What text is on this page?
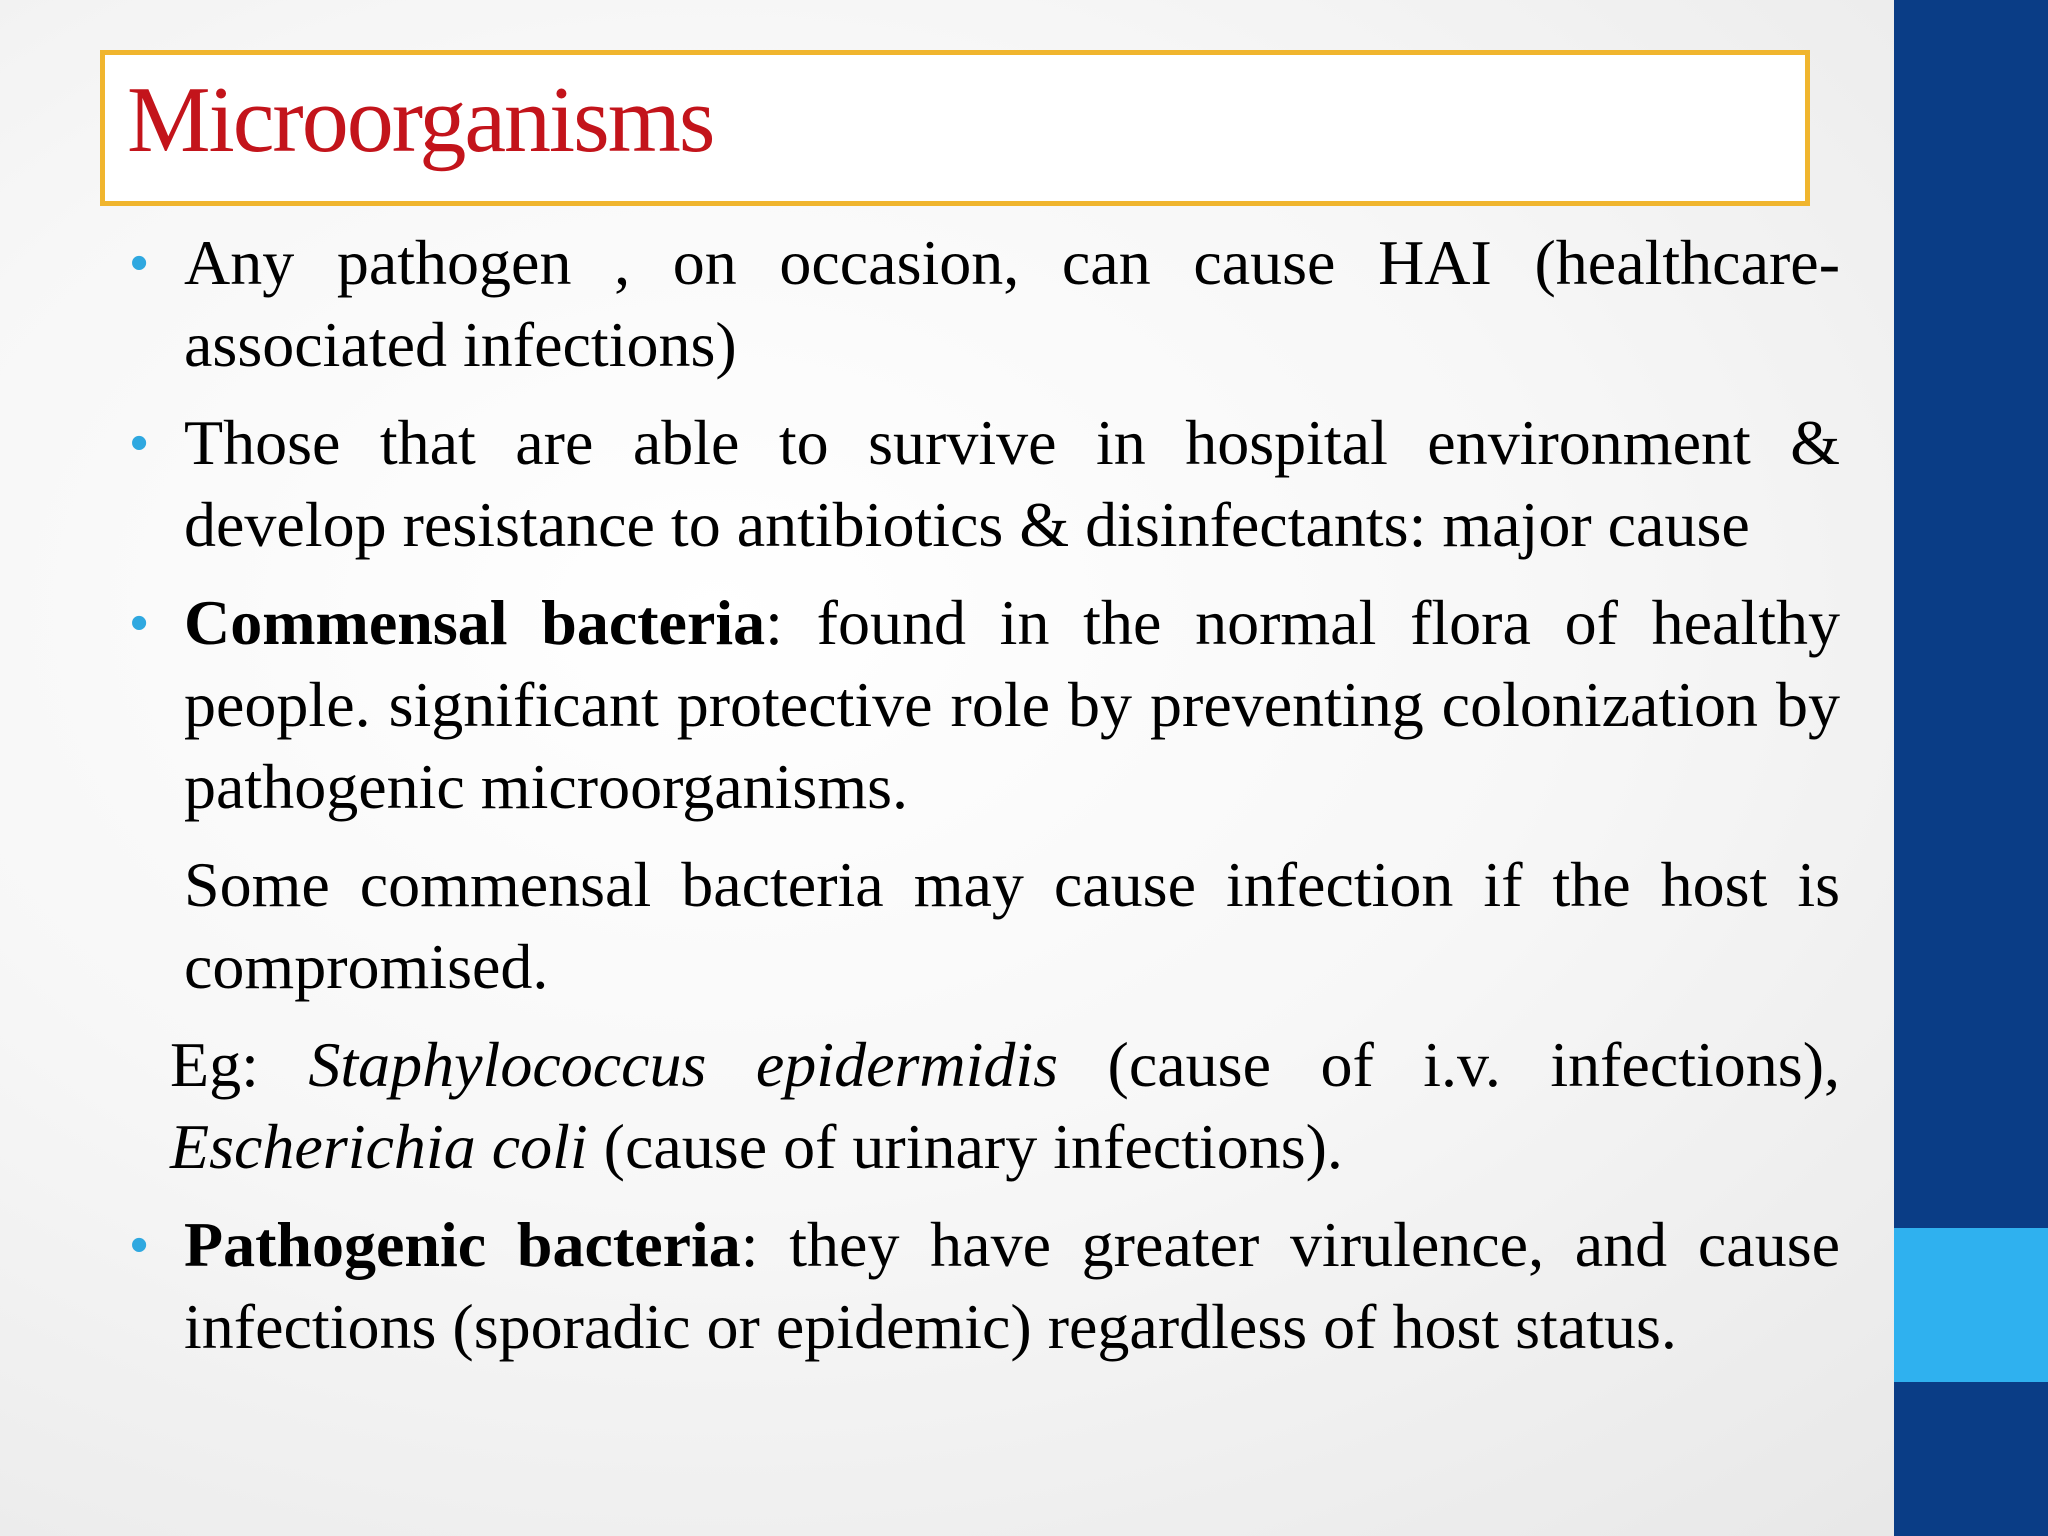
Microorganisms
• Any pathogen , on occasion, can cause HAI (healthcare-associated infections)
• Those that are able to survive in hospital environment & develop resistance to antibiotics & disinfectants: major cause
• Commensal bacteria: found in the normal flora of healthy people. significant protective role by preventing colonization by pathogenic microorganisms.
Some commensal bacteria may cause infection if the host is compromised.
Eg: Staphylococcus epidermidis (cause of i.v. infections), Escherichia coli (cause of urinary infections).
• Pathogenic bacteria: they have greater virulence, and cause infections (sporadic or epidemic) regardless of host status.
